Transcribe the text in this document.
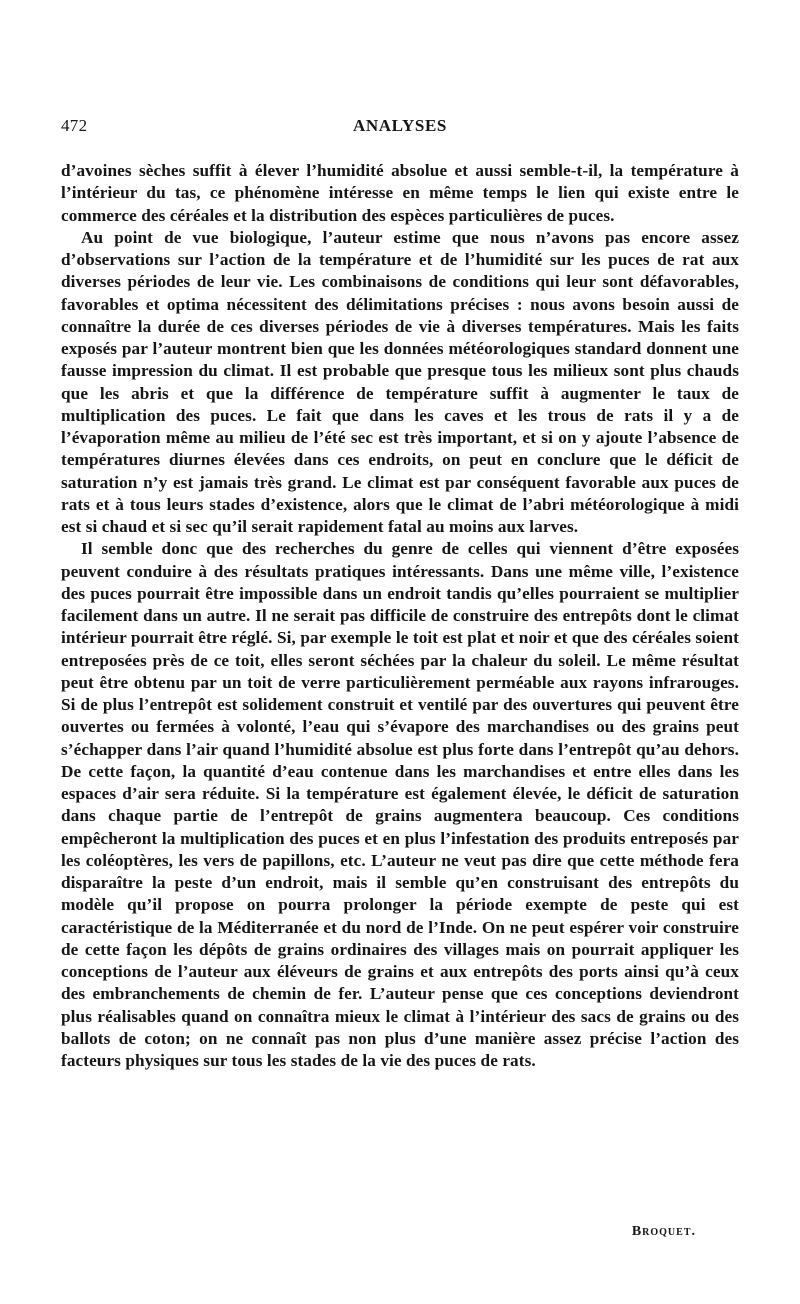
472	ANALYSES

d’avoines sèches suffit à élever l’humidité absolue et aussi semble-t-il, la température à l’intérieur du tas, ce phénomène intéresse en même temps le lien qui existe entre le commerce des céréales et la distribution des espèces particulières de puces.

Au point de vue biologique, l’auteur estime que nous n’avons pas encore assez d’observations sur l’action de la température et de l’humidité sur les puces de rat aux diverses périodes de leur vie. Les combinaisons de conditions qui leur sont défavorables, favorables et optima nécessitent des délimitations précises : nous avons besoin aussi de connaître la durée de ces diverses périodes de vie à diverses températures. Mais les faits exposés par l’auteur montrent bien que les données météorologiques standard donnent une fausse impression du climat. Il est probable que presque tous les milieux sont plus chauds que les abris et que la différence de température suffit à augmenter le taux de multiplication des puces. Le fait que dans les caves et les trous de rats il y a de l’évaporation même au milieu de l’été sec est très important, et si on y ajoute l’absence de températures diurnes élevées dans ces endroits, on peut en conclure que le déficit de saturation n’y est jamais très grand. Le climat est par conséquent favorable aux puces de rats et à tous leurs stades d’existence, alors que le climat de l’abri météorologique à midi est si chaud et si sec qu’il serait rapidement fatal au moins aux larves.

Il semble donc que des recherches du genre de celles qui viennent d’être exposées peuvent conduire à des résultats pratiques intéressants. Dans une même ville, l’existence des puces pourrait être impossible dans un endroit tandis qu’elles pourraient se multiplier facilement dans un autre. Il ne serait pas difficile de construire des entrepôts dont le climat intérieur pourrait être réglé. Si, par exemple le toit est plat et noir et que des céréales soient entreposées près de ce toit, elles seront séchées par la chaleur du soleil. Le même résultat peut être obtenu par un toit de verre particulièrement perméable aux rayons infrarouges. Si de plus l’entrepôt est solidement construit et ventilé par des ouvertures qui peuvent être ouvertes ou fermées à volonté, l’eau qui s’évapore des marchandises ou des grains peut s’échapper dans l’air quand l’humidité absolue est plus forte dans l’entrepôt qu’au dehors. De cette façon, la quantité d’eau contenue dans les marchandises et entre elles dans les espaces d’air sera réduite. Si la température est également élevée, le déficit de saturation dans chaque partie de l’entrepôt de grains augmentera beaucoup. Ces conditions empêcheront la multiplication des puces et en plus l’infestation des produits entreposés par les coléoptères, les vers de papillons, etc. L’auteur ne veut pas dire que cette méthode fera disparaître la peste d’un endroit, mais il semble qu’en construisant des entrepôts du modèle qu’il propose on pourra prolonger la période exempte de peste qui est caractéristique de la Méditerranée et du nord de l’Inde. On ne peut espérer voir construire de cette façon les dépôts de grains ordinaires des villages mais on pourrait appliquer les conceptions de l’auteur aux éléveurs de grains et aux entrepôts des ports ainsi qu’à ceux des embranchements de chemin de fer. L’auteur pense que ces conceptions deviendront plus réalisables quand on connaîtra mieux le climat à l’intérieur des sacs de grains ou des ballots de coton; on ne connaît pas non plus d’une manière assez précise l’action des facteurs physiques sur tous les stades de la vie des puces de rats.

Broquet.
